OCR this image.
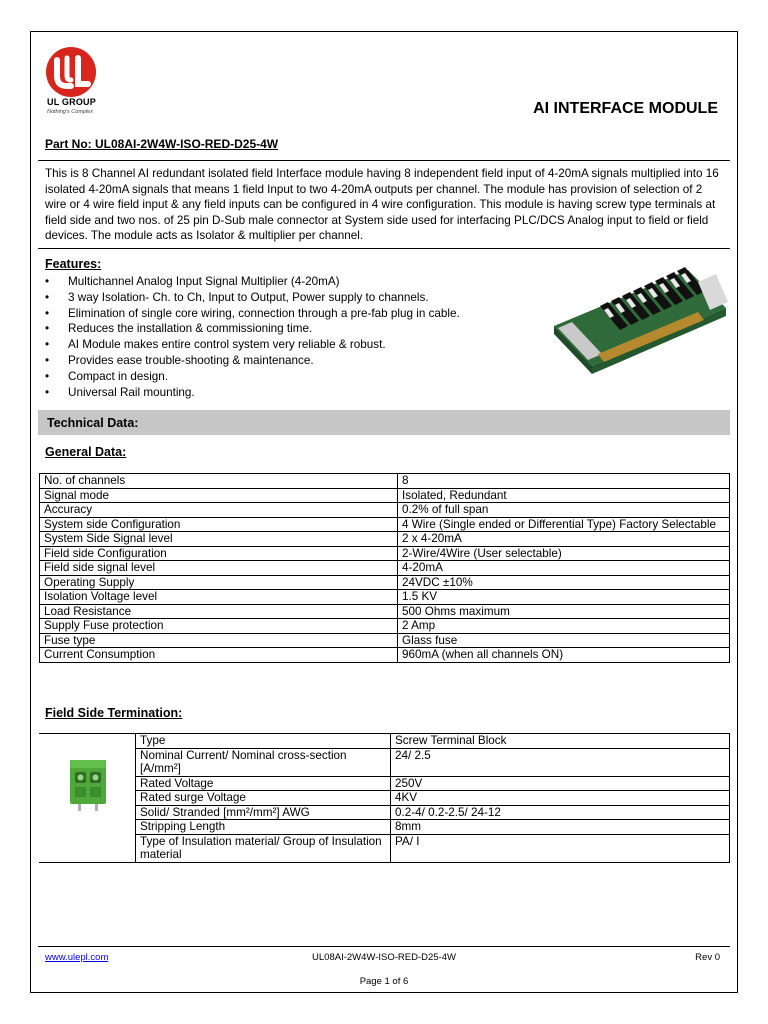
UL GROUP
Nothing's Complex	AI INTERFACE MODULE
Part No: UL08AI-2W4W-ISO-RED-D25-4W
This is 8 Channel AI redundant isolated field Interface module having 8 independent field input of 4-20mA signals multiplied into 16 isolated 4-20mA signals that means 1 field Input to two 4-20mA outputs per channel. The module has provision of selection of 2 wire or 4 wire field input & any field inputs can be configured in 4 wire configuration. This module is having screw type terminals at field side and two nos. of 25 pin D-Sub male connector at System side used for interfacing PLC/DCS Analog input to field or field devices. The module acts as Isolator & multiplier per channel.
Features:
• Multichannel Analog Input Signal Multiplier (4-20mA)
• 3 way Isolation- Ch. to Ch, Input to Output, Power supply to channels.
• Elimination of single core wiring, connection through a pre-fab plug in cable.
• Reduces the installation & commissioning time.
• AI Module makes entire control system very reliable & robust.
• Provides ease trouble-shooting & maintenance.
• Compact in design.
• Universal Rail mounting.
Technical Data:
General Data:
No. of channels	8
Signal mode	Isolated, Redundant
Accuracy	0.2% of full span
System side Configuration	4 Wire (Single ended or Differential Type) Factory Selectable
System Side Signal level	2 x 4-20mA
Field side Configuration	2-Wire/4Wire (User selectable)
Field side signal level	4-20mA
Operating Supply	24VDC ±10%
Isolation Voltage level	1.5 KV
Load Resistance	500 Ohms maximum
Supply Fuse protection	2 Amp
Fuse type	Glass fuse
Current Consumption	960mA (when all channels ON)
Field Side Termination:
	Type	Screw Terminal Block
	Nominal Current/ Nominal cross-section [A/mm²]	24/ 2.5
	Rated Voltage	250V
	Rated surge Voltage	4KV
	Solid/ Stranded [mm²/mm²] AWG	0.2-4/ 0.2-2.5/ 24-12
	Stripping Length	8mm
	Type of Insulation material/ Group of Insulation material	PA/ I
www.ulepl.com	UL08AI-2W4W-ISO-RED-D25-4W	Rev 0
Page 1 of 6
